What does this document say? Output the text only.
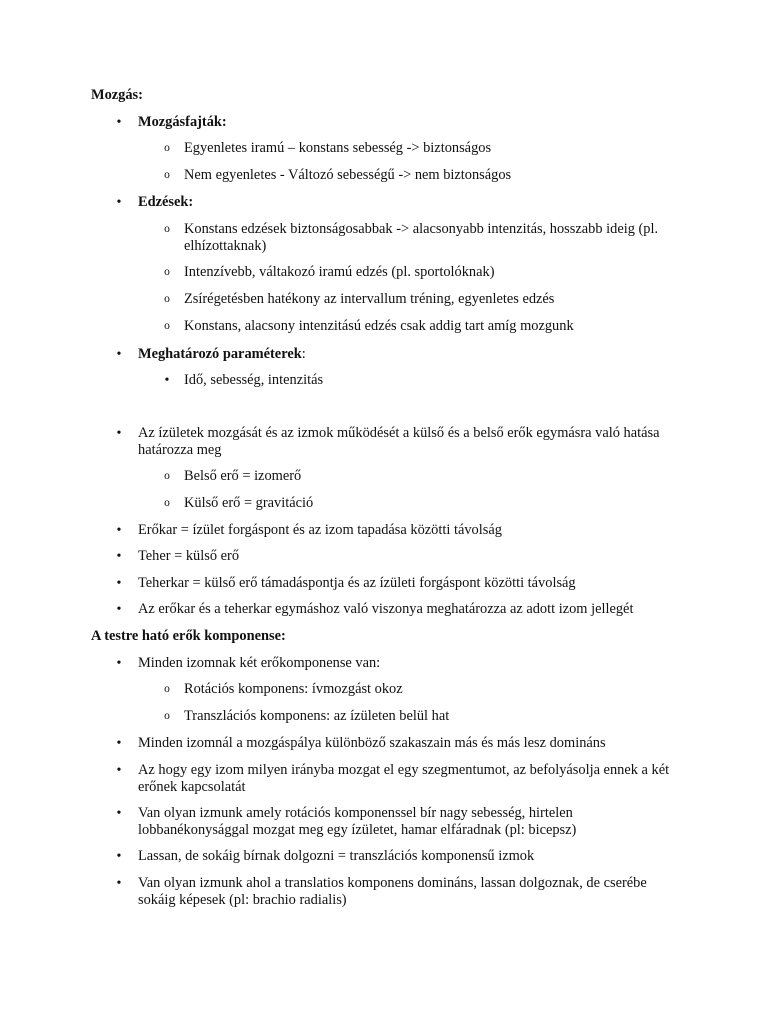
Mozgás:
•	Mozgásfajták:
o Egyenletes iramú – konstans sebesség -> biztonságos
o Nem egyenletes - Változó sebességű -> nem biztonságos
•	Edzések:
o Konstans edzések biztonságosabbak -> alacsonyabb intenzitás, hosszabb ideig (pl. elhízottaknak)
o Intenzívebb, váltakozó iramú edzés (pl. sportolóknak)
o Zsírégetésben hatékony az intervallum tréning, egyenletes edzés
o Konstans, alacsony intenzitású edzés csak addig tart amíg mozgunk
•	Meghatározó paraméterek:
•	Idő, sebesség, intenzitás
•	Az ízületek mozgását és az izmok működését a külső és a belső erők egymásra való hatása határozza meg
o Belső erő = izomerő
o Külső erő = gravitáció
•	Erőkar = ízület forgáspont és az izom tapadása közötti távolság
•	Teher = külső erő
•	Teherkar = külső erő támadáspontja és az ízületi forgáspont közötti távolság
•	Az erőkar és a teherkar egymáshoz való viszonya meghatározza az adott izom jellegét
A testre ható erők komponense:
•	Minden izomnak két erőkomponense van:
o Rotációs komponens: ívmozgást okoz
o Transzlációs komponens: az ízületen belül hat
•	Minden izomnál a mozgáspálya különböző szakaszain más és más lesz domináns
•	Az hogy egy izom milyen irányba mozgat el egy szegmentumot, az befolyásolja ennek a két erőnek kapcsolatát
•	Van olyan izmunk amely rotációs komponenssel bír nagy sebesség, hirtelen lobbanékonysággal mozgat meg egy ízületet, hamar elfáradnak (pl: bicepsz)
•	Lassan, de sokáig bírnak dolgozni = transzlációs komponensű izmok
•	Van olyan izmunk ahol a translatios komponens domináns, lassan dolgoznak, de cserébe sokáig képesek (pl: brachio radialis)
